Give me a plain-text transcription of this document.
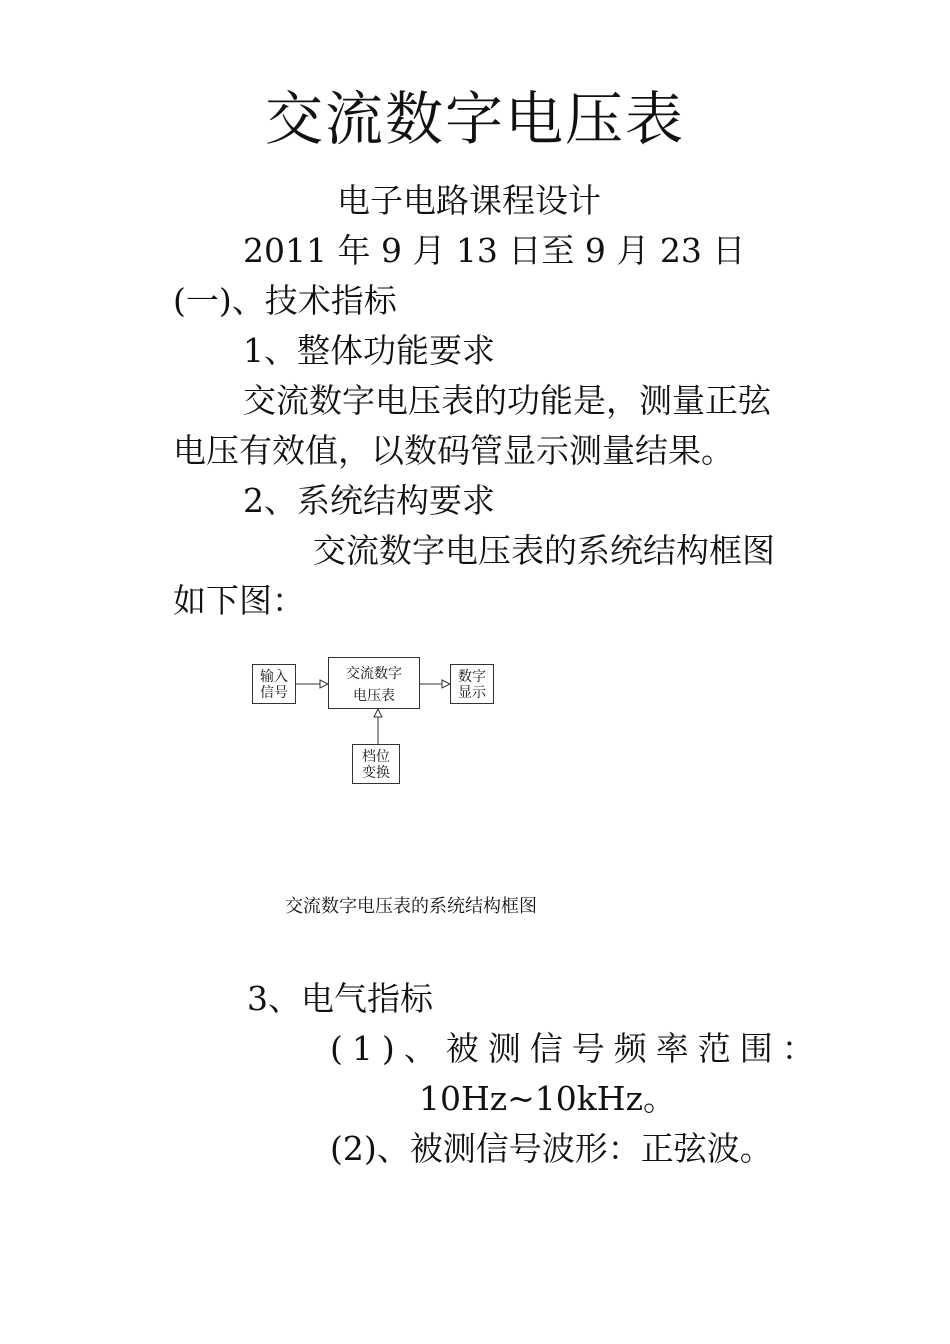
交流数字电压表
电子电路课程设计
2011 年 9 月 13 日至 9 月 23 日
(一)、技术指标
1、整体功能要求
交流数字电压表的功能是，测量正弦
电压有效值，以数码管显示测量结果。
2、系统结构要求
交流数字电压表的系统结构框图
如下图：
输入
信号
交流数字
电压表
数字
显示
档位
变换
交流数字电压表的系统结构框图
3、电气指标
(1)、被测信号频率范围：
10Hz~10kHz。
(2)、被测信号波形：正弦波。
